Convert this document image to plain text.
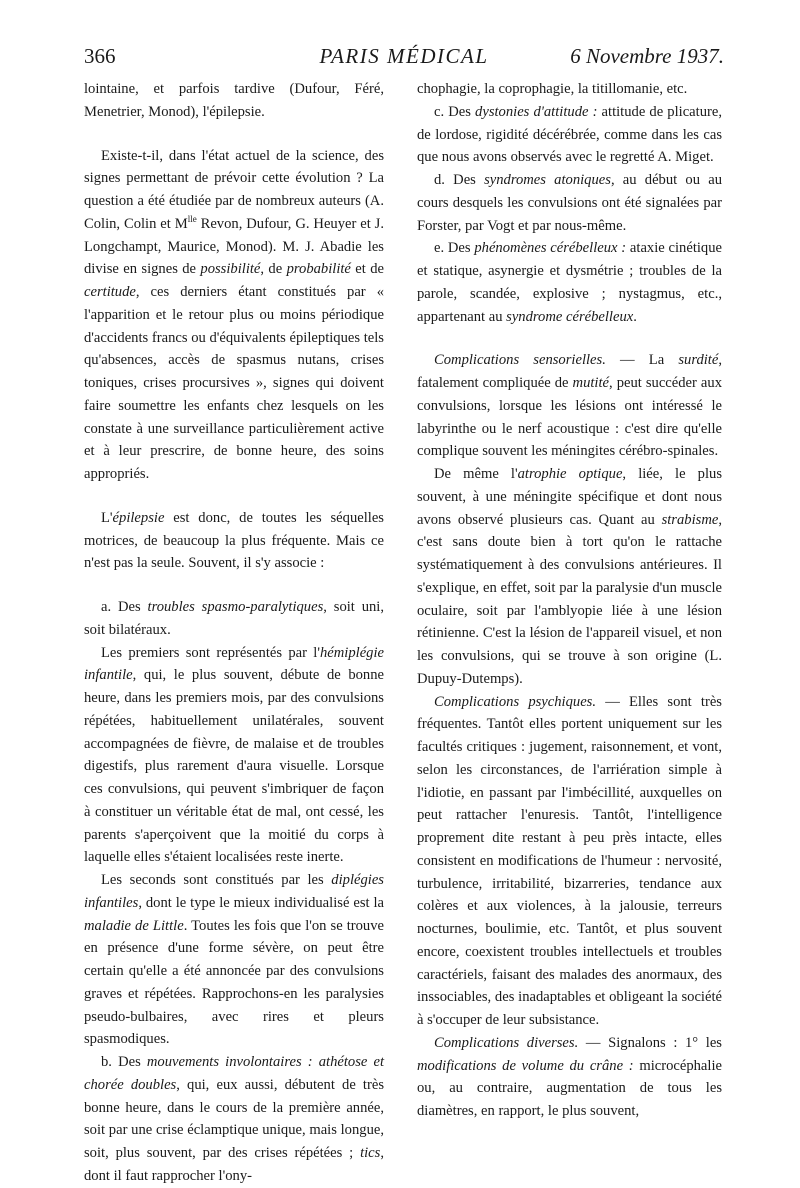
366	PARIS MÉDICAL	6 Novembre 1937.

lointaine, et parfois tardive (Dufour, Féré, Menetrier, Monod), l'épilepsie.

Existe-t-il, dans l'état actuel de la science, des signes permettant de prévoir cette évolution ? La question a été étudiée par de nombreux auteurs (A. Colin, Colin et $M^{lle}$ Revon, Dufour, G. Heuyer et J. Longchampt, Maurice, Monod). M. J. Abadie les divise en signes de possibilité, de probabilité et de certitude, ces derniers étant constitués par « l'apparition et le retour plus ou moins périodique d'accidents francs ou d'équivalents épileptiques tels qu'absences, accès de spasmus nutans, crises toniques, crises procursives », signes qui doivent faire soumettre les enfants chez lesquels on les constate à une surveillance particulièrement active et à leur prescrire, de bonne heure, des soins appropriés.

L'épilepsie est donc, de toutes les séquelles motrices, de beaucoup la plus fréquente. Mais ce n'est pas la seule. Souvent, il s'y associe :

a. Des troubles spasmo-paralytiques, soit uni, soit bilatéraux.

Les premiers sont représentés par l'hémiplégie infantile, qui, le plus souvent, débute de bonne heure, dans les premiers mois, par des convulsions répétées, habituellement unilatérales, souvent accompagnées de fièvre, de malaise et de troubles digestifs, plus rarement d'aura visuelle. Lorsque ces convulsions, qui peuvent s'imbriquer de façon à constituer un véritable état de mal, ont cessé, les parents s'aperçoivent que la moitié du corps à laquelle elles s'étaient localisées reste inerte.

Les seconds sont constitués par les diplégies infantiles, dont le type le mieux individualisé est la maladie de Little. Toutes les fois que l'on se trouve en présence d'une forme sévère, on peut être certain qu'elle a été annoncée par des convulsions graves et répétées. Rapprochons-en les paralysies pseudo-bulbaires, avec rires et pleurs spasmodiques.

b. Des mouvements involontaires : athétose et chorée doubles, qui, eux aussi, débutent de très bonne heure, dans le cours de la première année, soit par une crise éclamptique unique, mais longue, soit, plus souvent, par des crises répétées ; tics, dont il faut rapprocher l'ony-

chophagie, la coprophagie, la titillomanie, etc.

c. Des dystonies d'attitude : attitude de plicature, de lordose, rigidité décérébrée, comme dans les cas que nous avons observés avec le regretté A. Miget.

d. Des syndromes atoniques, au début ou au cours desquels les convulsions ont été signalées par Forster, par Vogt et par nous-même.

e. Des phénomènes cérébelleux : ataxie cinétique et statique, asynergie et dysmétrie ; troubles de la parole, scandée, explosive ; nystagmus, etc., appartenant au syndrome cérébelleux.

Complications sensorielles. — La surdité, fatalement compliquée de mutité, peut succéder aux convulsions, lorsque les lésions ont intéressé le labyrinthe ou le nerf acoustique : c'est dire qu'elle complique souvent les méningites cérébro-spinales.

De même l'atrophie optique, liée, le plus souvent, à une méningite spécifique et dont nous avons observé plusieurs cas. Quant au strabisme, c'est sans doute bien à tort qu'on le rattache systématiquement à des convulsions antérieures. Il s'explique, en effet, soit par la paralysie d'un muscle oculaire, soit par l'amblyopie liée à une lésion rétinienne. C'est la lésion de l'appareil visuel, et non les convulsions, qui se trouve à son origine (L. Dupuy-Dutemps).

Complications psychiques. — Elles sont très fréquentes. Tantôt elles portent uniquement sur les facultés critiques : jugement, raisonnement, et vont, selon les circonstances, de l'arriération simple à l'idiotie, en passant par l'imbécillité, auxquelles on peut rattacher l'enuresis. Tantôt, l'intelligence proprement dite restant à peu près intacte, elles consistent en modifications de l'humeur : nervosité, turbulence, irritabilité, bizarreries, tendance aux colères et aux violences, à la jalousie, terreurs nocturnes, boulimie, etc. Tantôt, et plus souvent encore, coexistent troubles intellectuels et troubles caractériels, faisant des malades des anormaux, des inssociables, des inadaptables et obligeant la société à s'occuper de leur subsistance.

Complications diverses. — Signalons : 1° les modifications de volume du crâne : microcéphalie ou, au contraire, augmentation de tous les diamètres, en rapport, le plus souvent,
